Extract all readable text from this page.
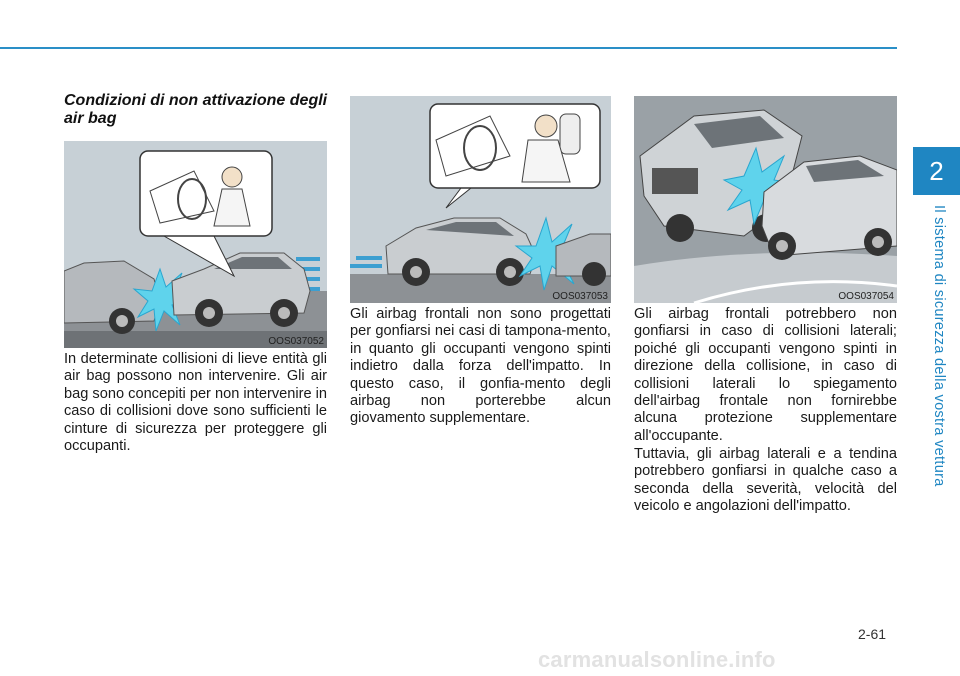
2
Il sistema di sicurezza della vostra vettura
Condizioni di non attivazione degli air bag
OOS037052
OOS037053	OOS037054

In determinate collisioni di lieve entità gli air bag possono non intervenire. Gli air bag sono concepiti per non intervenire in caso di collisioni dove sono sufficienti le cinture di sicurezza per proteggere gli occupanti.

Gli airbag frontali non sono progettati per gonfiarsi nei casi di tampona-mento, in quanto gli occupanti vengono spinti indietro dalla forza dell'impatto. In questo caso, il gonfia-mento degli airbag non porterebbe alcun giovamento supplementare.

Gli airbag frontali potrebbero non gonfiarsi in caso di collisioni laterali; poiché gli occupanti vengono spinti in direzione della collisione, in caso di collisioni laterali lo spiegamento dell'airbag frontale non fornirebbe alcuna protezione supplementare all'occupante.

Tuttavia, gli airbag laterali e a tendina potrebbero gonfiarsi in qualche caso a seconda della severità, velocità del veicolo e angolazioni dell'impatto.

2-61
carmanualsonline.info
